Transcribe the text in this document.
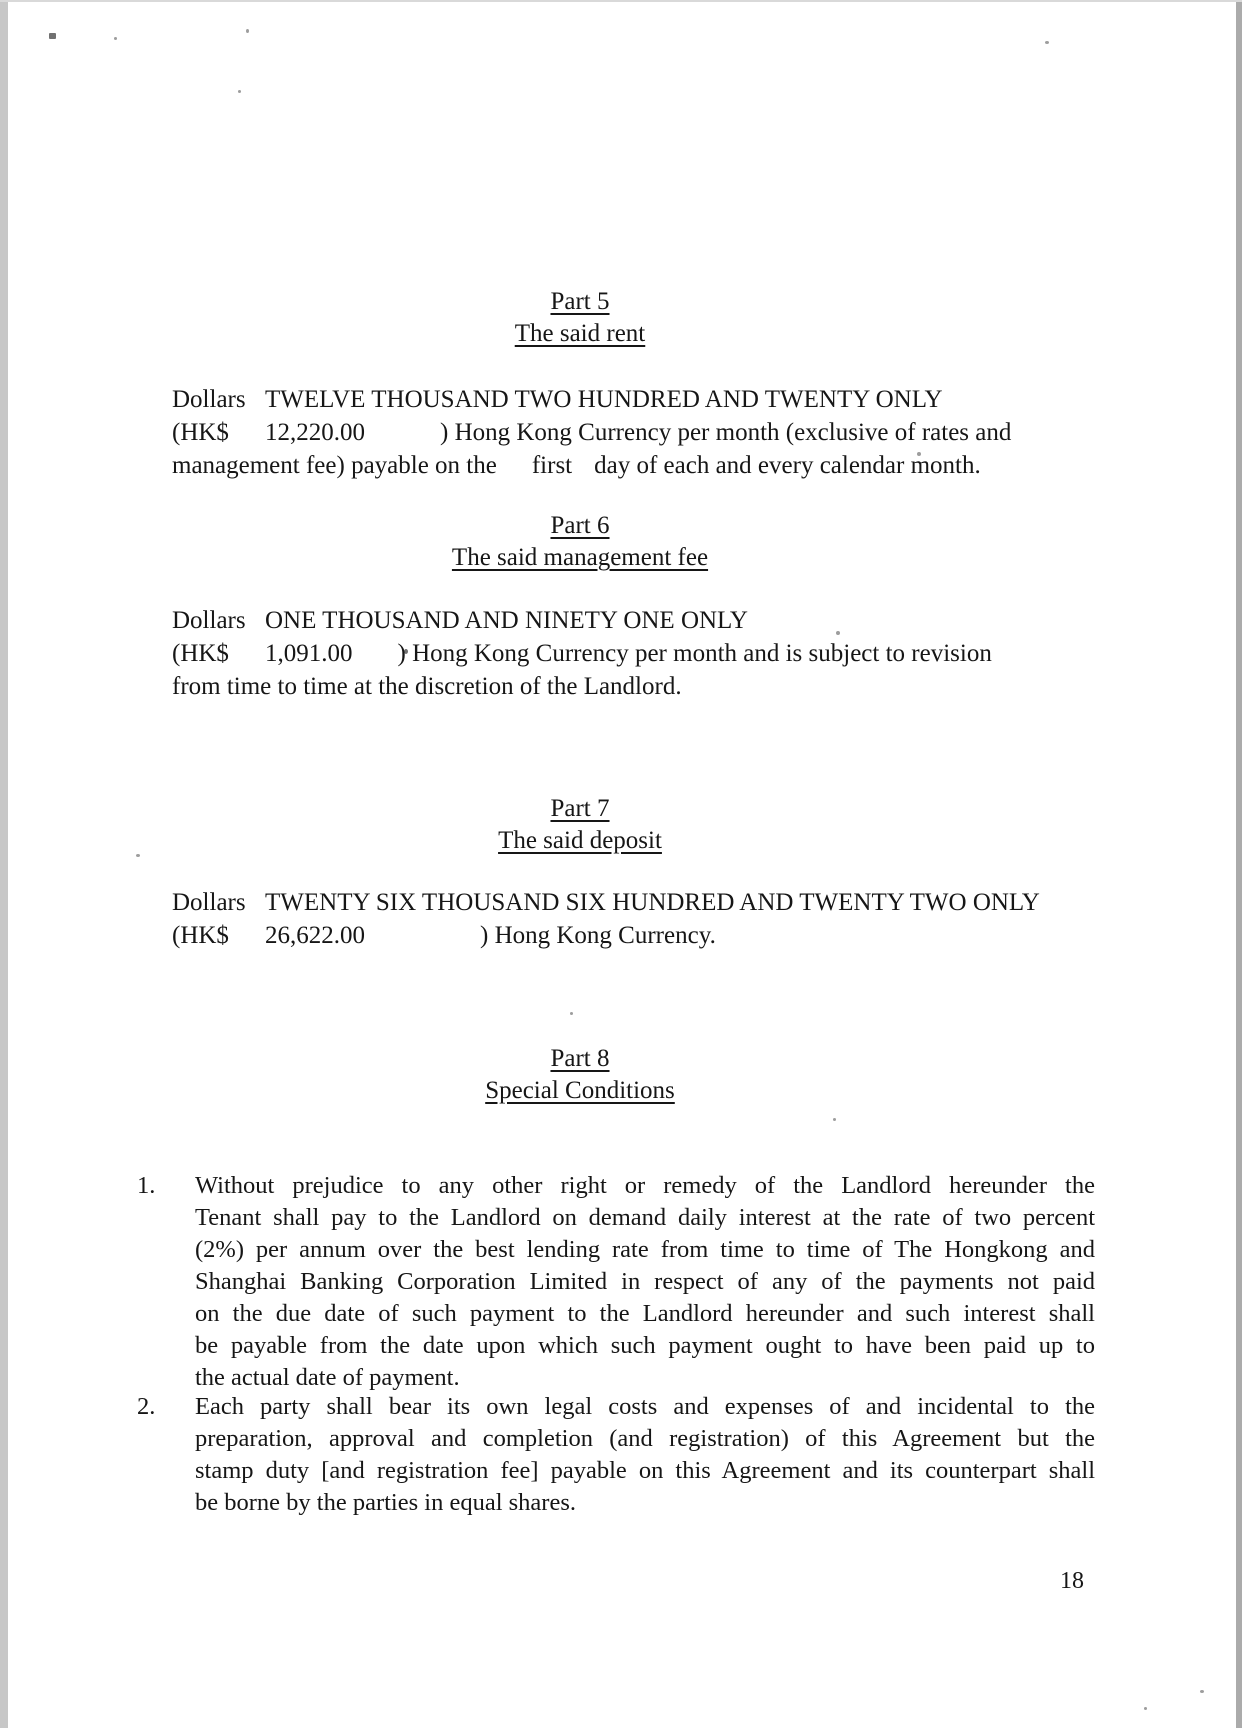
Part 5
The said rent
Dollars TWELVE THOUSAND TWO HUNDRED AND TWENTY ONLY
(HK$ 12,220.00	) Hong Kong Currency per month (exclusive of rates and
management fee) payable on the first day of each and every calendar month.
Part 6
The said management fee
Dollars ONE THOUSAND AND NINETY ONE ONLY
(HK$ 1,091.00 ) Hong Kong Currency per month and is subject to revision
from time to time at the discretion of the Landlord.
Part 7
The said deposit
Dollars TWENTY SIX THOUSAND SIX HUNDRED AND TWENTY TWO ONLY
(HK$ 26,622.00	) Hong Kong Currency.
Part 8
Special Conditions
1. Without prejudice to any other right or remedy of the Landlord hereunder the
Tenant shall pay to the Landlord on demand daily interest at the rate of two percent
(2%) per annum over the best lending rate from time to time of The Hongkong and
Shanghai Banking Corporation Limited in respect of any of the payments not paid
on the due date of such payment to the Landlord hereunder and such interest shall
be payable from the date upon which such payment ought to have been paid up to
the actual date of payment.
2. Each party shall bear its own legal costs and expenses of and incidental to the
preparation, approval and completion (and registration) of this Agreement but the
stamp duty [and registration fee] payable on this Agreement and its counterpart shall
be borne by the parties in equal shares.
18
